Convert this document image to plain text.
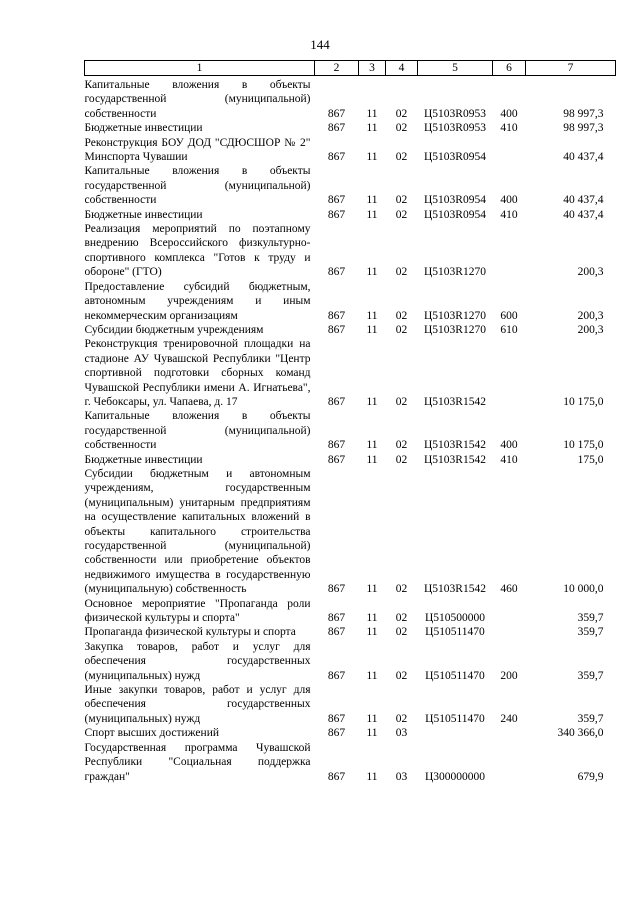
144
1	2	3	4	5	6	7
Капитальные вложения в объекты государственной (муниципальной) собственности	867	11	02	Ц5103R0953	400	98 997,3
Бюджетные инвестиции	867	11	02	Ц5103R0953	410	98 997,3
Реконструкция БОУ ДОД "СДЮСШОР № 2" Минспорта Чувашии	867	11	02	Ц5103R0954		40 437,4
Капитальные вложения в объекты государственной (муниципальной) собственности	867	11	02	Ц5103R0954	400	40 437,4
Бюджетные инвестиции	867	11	02	Ц5103R0954	410	40 437,4
Реализация мероприятий по поэтапному внедрению Всероссийского физкультурно-спортивного комплекса "Готов к труду и обороне" (ГТО)	867	11	02	Ц5103R1270		200,3
Предоставление субсидий бюджетным, автономным учреждениям и иным некоммерческим организациям	867	11	02	Ц5103R1270	600	200,3
Субсидии бюджетным учреждениям	867	11	02	Ц5103R1270	610	200,3
Реконструкция тренировочной площадки на стадионе АУ Чувашской Республики "Центр спортивной подготовки сборных команд Чувашской Республики имени А. Игнатьева", г. Чебоксары, ул. Чапаева, д. 17	867	11	02	Ц5103R1542		10 175,0
Капитальные вложения в объекты государственной (муниципальной) собственности	867	11	02	Ц5103R1542	400	10 175,0
Бюджетные инвестиции	867	11	02	Ц5103R1542	410	175,0
Субсидии бюджетным и автономным учреждениям, государственным (муниципальным) унитарным предприятиям на осуществление капитальных вложений в объекты капитального строительства государственной (муниципальной) собственности или приобретение объектов недвижимого имущества в государственную (муниципальную) собственность	867	11	02	Ц5103R1542	460	10 000,0
Основное мероприятие "Пропаганда роли физической культуры и спорта"	867	11	02	Ц510500000		359,7
Пропаганда физической культуры и спорта	867	11	02	Ц510511470		359,7
Закупка товаров, работ и услуг для обеспечения государственных (муниципальных) нужд	867	11	02	Ц510511470	200	359,7
Иные закупки товаров, работ и услуг для обеспечения государственных (муниципальных) нужд	867	11	02	Ц510511470	240	359,7
Спорт высших достижений	867	11	03			340 366,0
Государственная программа Чувашской Республики "Социальная поддержка граждан"	867	11	03	Ц300000000		679,9
